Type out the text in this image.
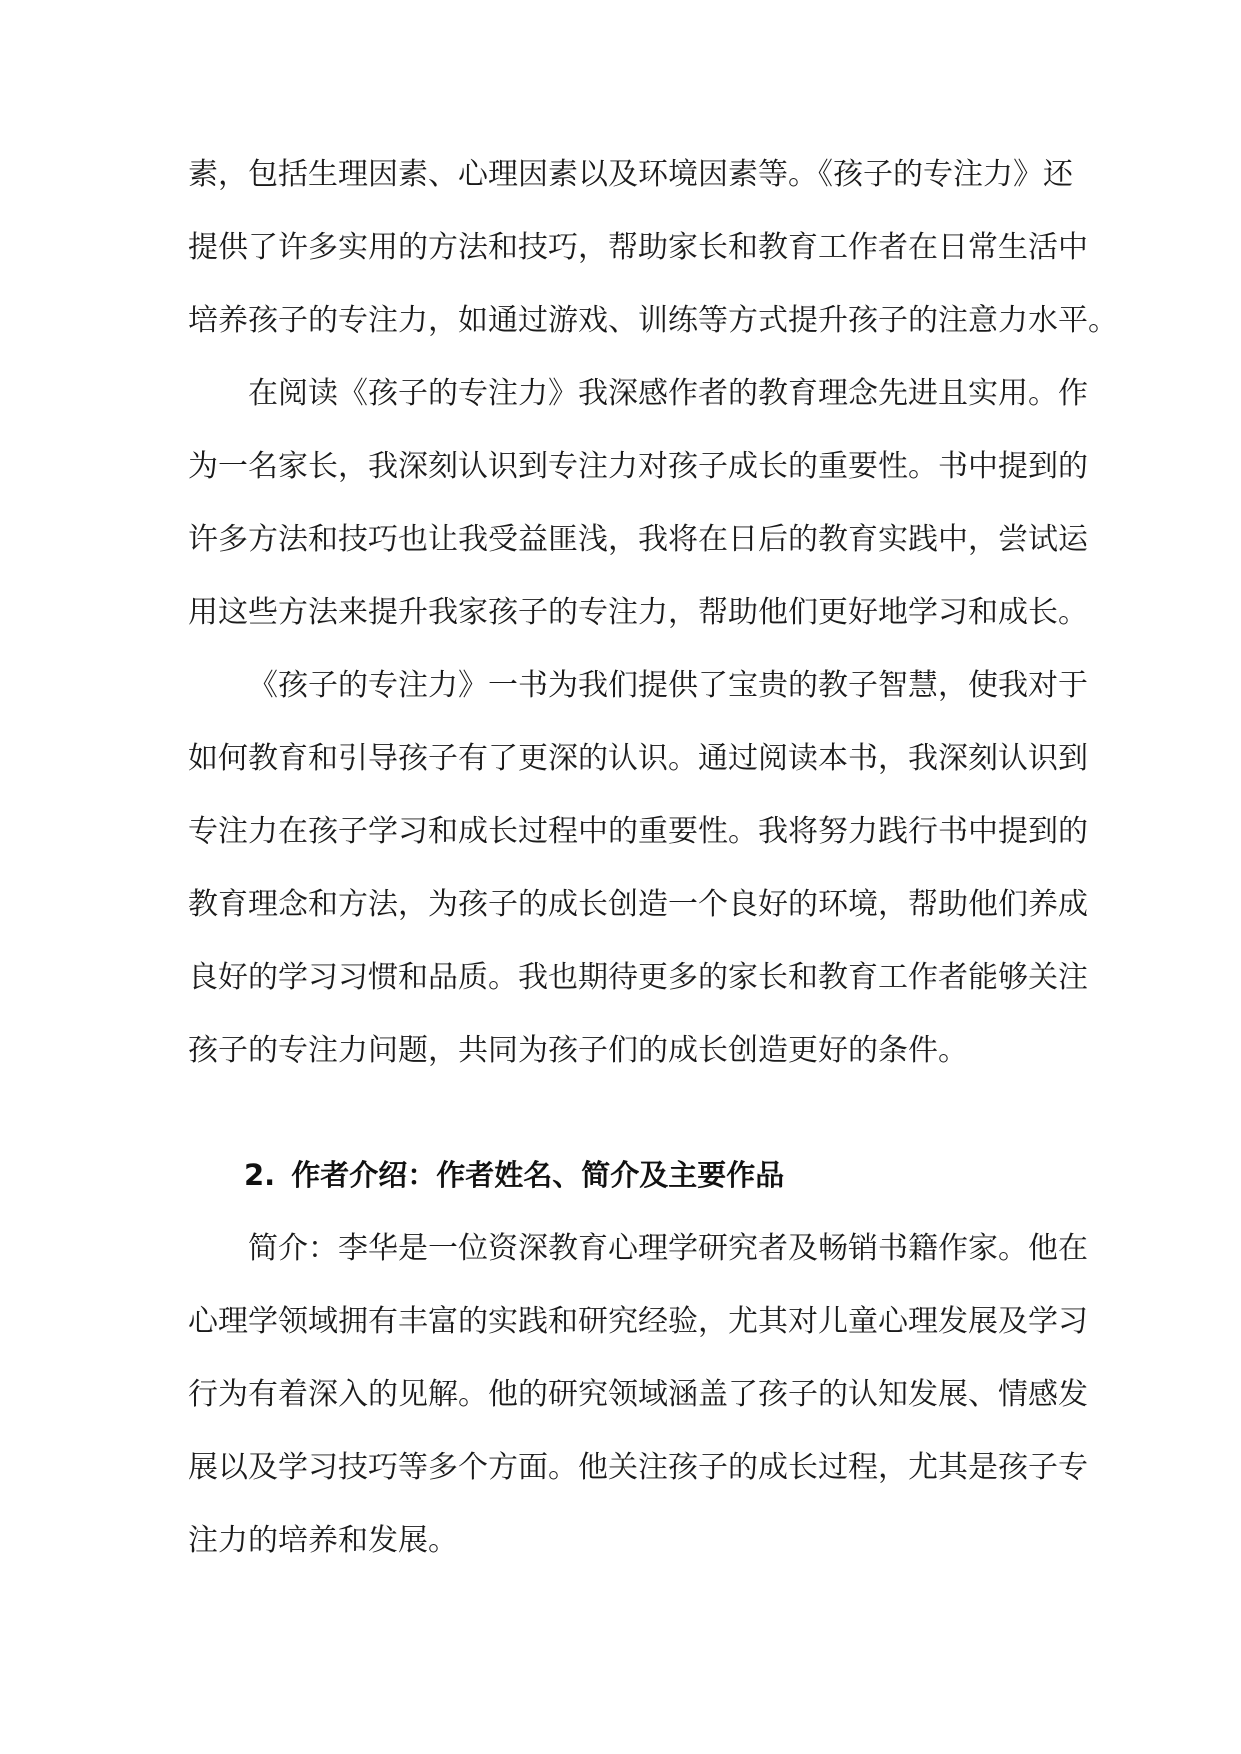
素，包括生理因素、心理因素以及环境因素等。《孩子的专注力》还
提供了许多实用的方法和技巧，帮助家长和教育工作者在日常生活中
培养孩子的专注力，如通过游戏、训练等方式提升孩子的注意力水平。
在阅读《孩子的专注力》我深感作者的教育理念先进且实用。作
为一名家长，我深刻认识到专注力对孩子成长的重要性。书中提到的
许多方法和技巧也让我受益匪浅，我将在日后的教育实践中，尝试运
用这些方法来提升我家孩子的专注力，帮助他们更好地学习和成长。
《孩子的专注力》一书为我们提供了宝贵的教子智慧，使我对于
如何教育和引导孩子有了更深的认识。通过阅读本书，我深刻认识到
专注力在孩子学习和成长过程中的重要性。我将努力践行书中提到的
教育理念和方法，为孩子的成长创造一个良好的环境，帮助他们养成
良好的学习习惯和品质。我也期待更多的家长和教育工作者能够关注
孩子的专注力问题，共同为孩子们的成长创造更好的条件。
2. 作者介绍：作者姓名、简介及主要作品
简介：李华是一位资深教育心理学研究者及畅销书籍作家。他在
心理学领域拥有丰富的实践和研究经验，尤其对儿童心理发展及学习
行为有着深入的见解。他的研究领域涵盖了孩子的认知发展、情感发
展以及学习技巧等多个方面。他关注孩子的成长过程，尤其是孩子专
注力的培养和发展。
